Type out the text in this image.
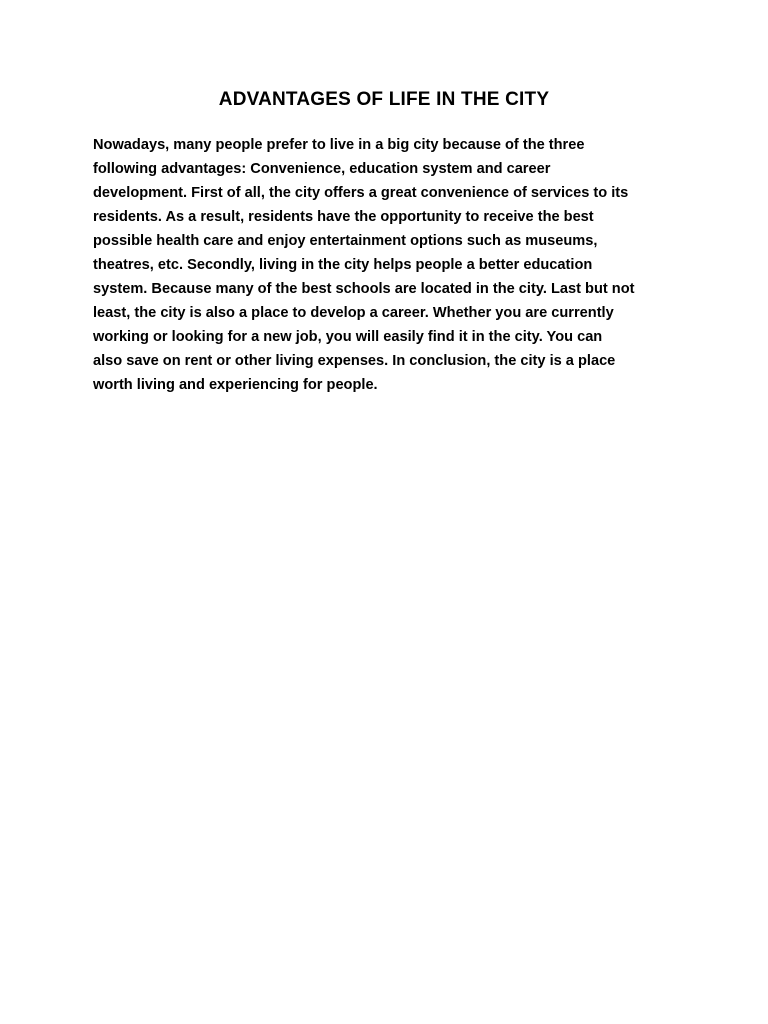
ADVANTAGES OF LIFE IN THE CITY
Nowadays, many people prefer to live in a big city because of the three
following advantages: Convenience, education system and career
development. First of all, the city offers a great convenience of services to its
residents. As a result, residents have the opportunity to receive the best
possible health care and enjoy entertainment options such as museums,
theatres, etc. Secondly, living in the city helps people a better education
system. Because many of the best schools are located in the city. Last but not
least, the city is also a place to develop a career. Whether you are currently
working or looking for a new job, you will easily find it in the city. You can
also save on rent or other living expenses. In conclusion, the city is a place
worth living and experiencing for people.
